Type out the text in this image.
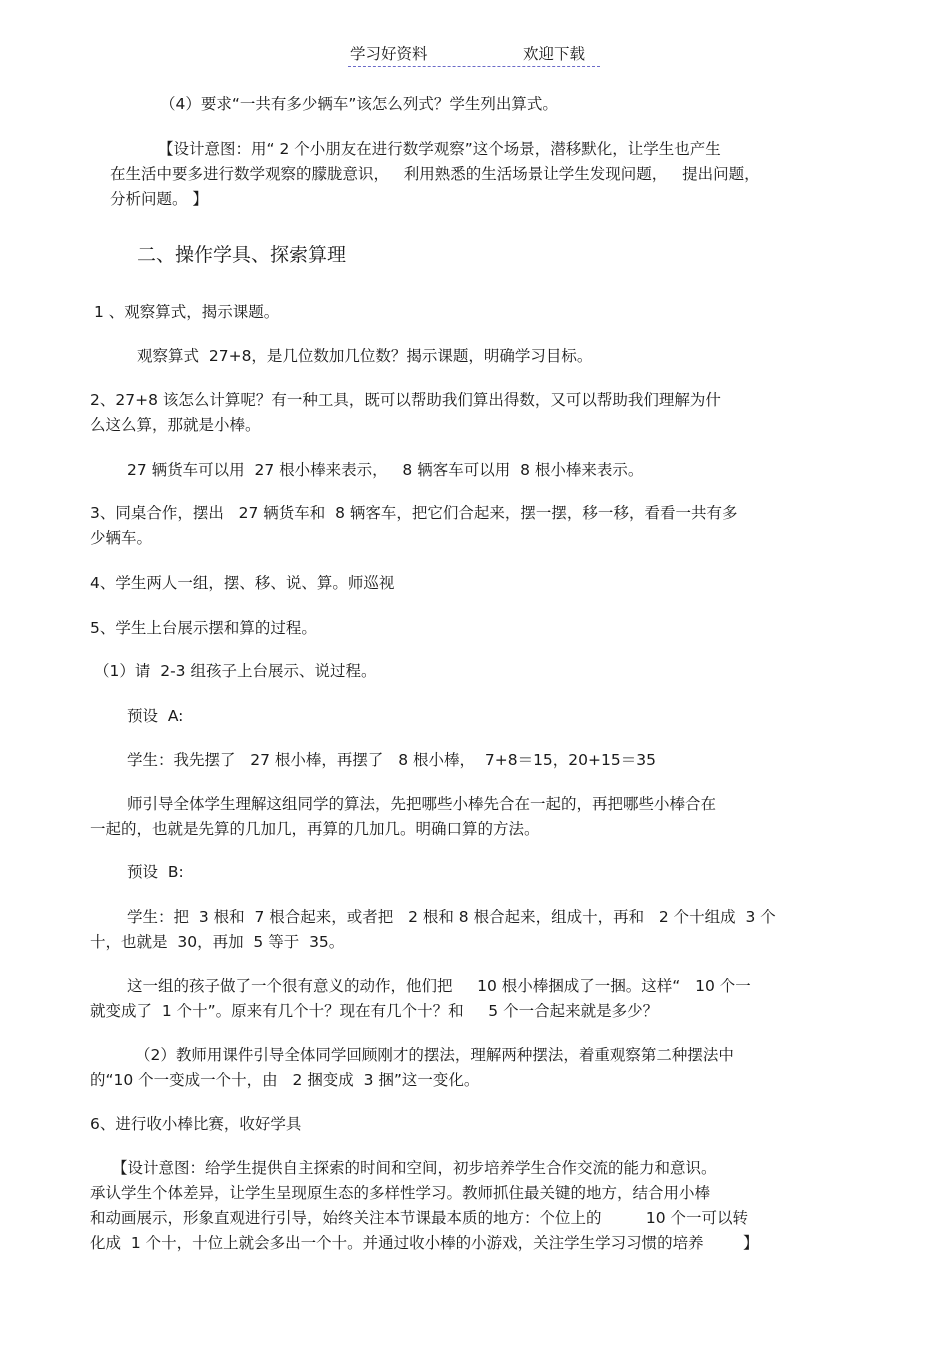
学习好资料	欢迎下载
（4）要求“一共有多少辆车”该怎么列式？学生列出算式。
【设计意图：用“ 2 个小朋友在进行数学观察”这个场景，潜移默化，让学生也产生
在生活中要多进行数学观察的朦胧意识，   利用熟悉的生活场景让学生发现问题，   提出问题，
分析问题。 】
二、操作学具、探索算理
1 、观察算式，揭示课题。
观察算式  27+8，是几位数加几位数？揭示课题，明确学习目标。
2、27+8 该怎么计算呢？有一种工具，既可以帮助我们算出得数，又可以帮助我们理解为什
么这么算，那就是小棒。
27 辆货车可以用  27 根小棒来表示，   8 辆客车可以用  8 根小棒来表示。
3、同桌合作，摆出   27 辆货车和  8 辆客车，把它们合起来，摆一摆，移一移，看看一共有多
少辆车。
4、学生两人一组，摆、移、说、算。师巡视
5、学生上台展示摆和算的过程。
（1）请  2-3 组孩子上台展示、说过程。
预设  A:
学生：我先摆了   27 根小棒，再摆了   8 根小棒，  7+8＝15，20+15＝35
师引导全体学生理解这组同学的算法，先把哪些小棒先合在一起的，再把哪些小棒合在
一起的，也就是先算的几加几，再算的几加几。明确口算的方法。
预设  B:
学生：把  3 根和  7 根合起来，或者把   2 根和 8 根合起来，组成十，再和   2 个十组成  3 个
十，也就是  30，再加  5 等于  35。
这一组的孩子做了一个很有意义的动作，他们把     10 根小棒捆成了一捆。这样“   10 个一
就变成了  1 个十”。原来有几个十？现在有几个十？和     5 个一合起来就是多少？
（2）教师用课件引导全体同学回顾刚才的摆法，理解两种摆法，着重观察第二种摆法中
的“10 个一变成一个十，由   2 捆变成  3 捆”这一变化。
6、进行收小棒比赛，收好学具
【设计意图：给学生提供自主探索的时间和空间，初步培养学生合作交流的能力和意识。
承认学生个体差异，让学生呈现原生态的多样性学习。教师抓住最关键的地方，结合用小棒
和动画展示，形象直观进行引导，始终关注本节课最本质的地方：个位上的         10 个一可以转
化成  1 个十，十位上就会多出一个十。并通过收小棒的小游戏，关注学生学习习惯的培养        】
